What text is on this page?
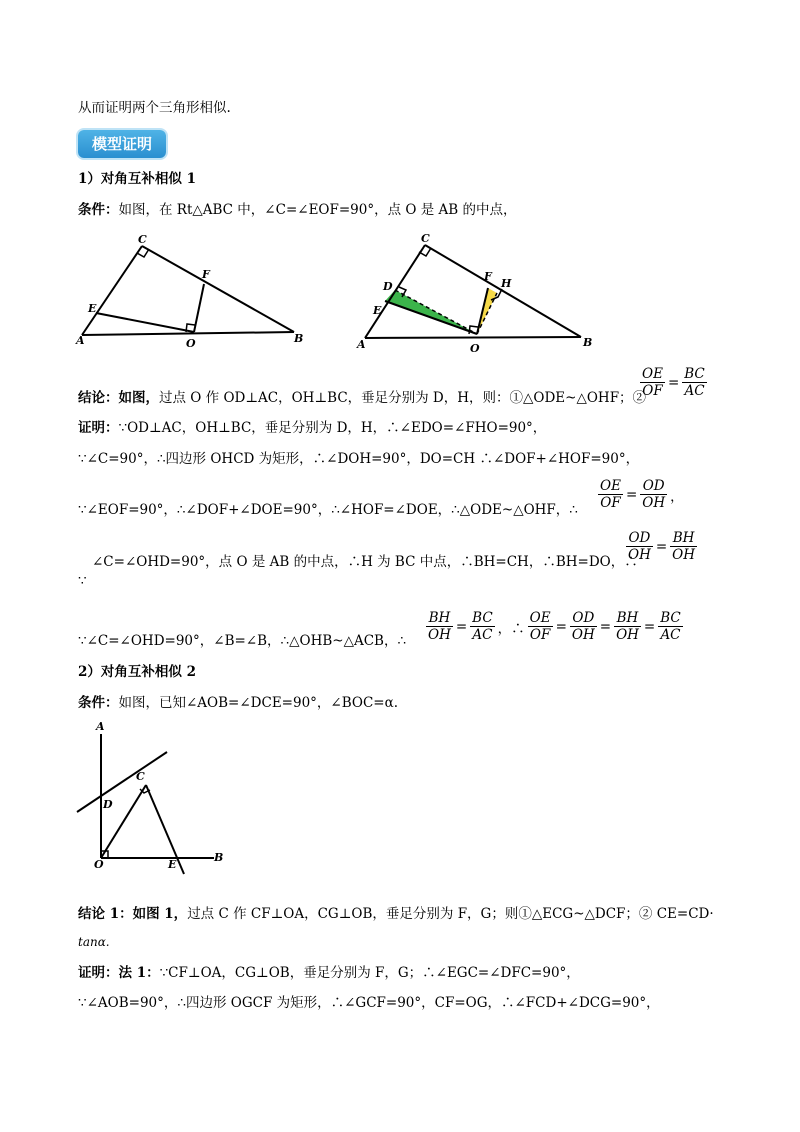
从而证明两个三角形相似.
模型证明
1）对角互补相似 1
条件：如图，在 Rt△ABC 中，∠C=∠EOF=90°，点 O 是 AB 的中点，
C
F
E
A	O	B
C
F
H
D
E
A	O	B
结论：如图，过点 O 作 OD⊥AC，OH⊥BC，垂足分别为 D，H，则：①△ODE~△OHF；②
$\frac{OE}{OF} = \frac{BC}{AC}$
证明：∵OD⊥AC，OH⊥BC，垂足分别为 D，H，∴∠EDO=∠FHO=90°，
∵∠C=90°，∴四边形 OHCD 为矩形，∴∠DOH=90°，DO=CH ∴∠DOF+∠HOF=90°，
∵∠EOF=90°，∴∠DOF+∠DOE=90°，∴∠HOF=∠DOE，∴△ODE~△OHF，∴ $\frac{OE}{OF} = \frac{OD}{OH}$ ，
∠C=∠OHD=90°，点 O 是 AB 的中点，∴H 为 BC 中点，∴BH=CH，∴BH=DO，∴
∵
$\frac{OD}{OH} = \frac{BH}{OH}$
∵∠C=∠OHD=90°，∠B=∠B，∴△OHB~△ACB，∴ $\frac{BH}{OH} = \frac{BC}{AC}$ ，∴ $\frac{OE}{OF} = \frac{OD}{OH} = \frac{BH}{OH} = \frac{BC}{AC}$
2）对角互补相似 2
条件：如图，已知∠AOB=∠DCE=90°，∠BOC=α.
A
C
D
O	E
B
结论 1：如图 1，过点 C 作 CF⊥OA，CG⊥OB，垂足分别为 F，G；则①△ECG~△DCF；② CE=CD·
tanα.
证明：法 1：∵CF⊥OA，CG⊥OB，垂足分别为 F，G；∴∠EGC=∠DFC=90°，
∵∠AOB=90°，∴四边形 OGCF 为矩形，∴∠GCF=90°，CF=OG，∴∠FCD+∠DCG=90°，
